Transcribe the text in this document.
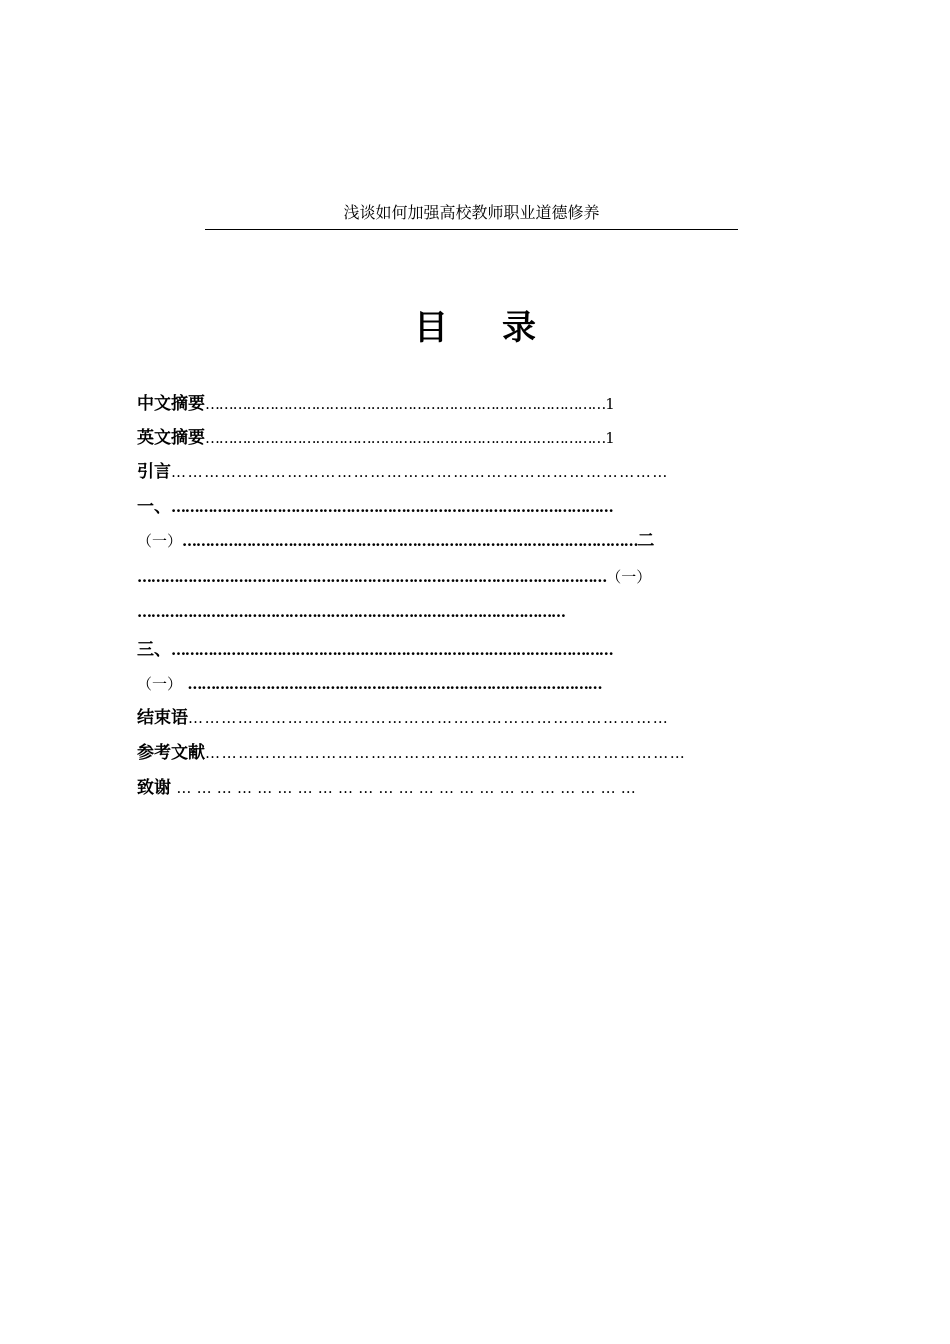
浅谈如何加强高校教师职业道德修养
目 录
中文摘要……………………………………………………………………………1
英文摘要……………………………………………………………………………1
引言………………………………………………………………………………
一、……………………………………………………………………………………
（一）………………………………………………………………………………………二
…………………………………………………………………………………………（一）
…………………………………………………………………………………
三、……………………………………………………………………………………
（一） ………………………………………………………………………………
结束语……………………………………………………………………………
参考文献……………………………………………………………………………
致谢 ……………………………………………………………
